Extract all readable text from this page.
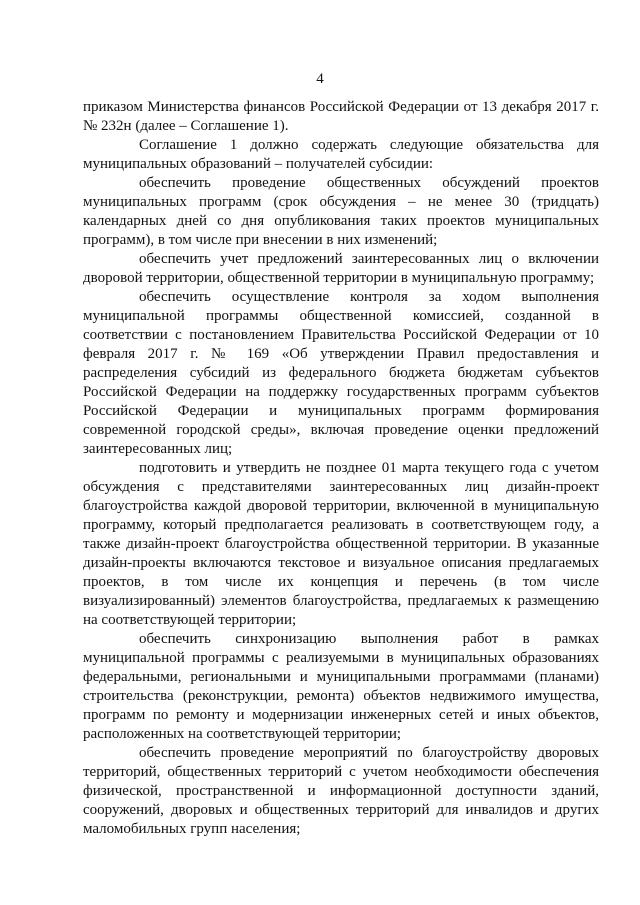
4

приказом Министерства финансов Российской Федерации от 13 декабря 2017 г. № 232н (далее – Соглашение 1).

Соглашение 1 должно содержать следующие обязательства для муниципальных образований – получателей субсидии:

обеспечить проведение общественных обсуждений проектов муниципальных программ (срок обсуждения – не менее 30 (тридцать) календарных дней со дня опубликования таких проектов муниципальных программ), в том числе при внесении в них изменений;

обеспечить учет предложений заинтересованных лиц о включении дворовой территории, общественной территории в муниципальную программу;

обеспечить осуществление контроля за ходом выполнения муниципальной программы общественной комиссией, созданной в соответствии с постановлением Правительства Российской Федерации от 10 февраля 2017 г. № 169 «Об утверждении Правил предоставления и распределения субсидий из федерального бюджета бюджетам субъектов Российской Федерации на поддержку государственных программ субъектов Российской Федерации и муниципальных программ формирования современной городской среды», включая проведение оценки предложений заинтересованных лиц;

подготовить и утвердить не позднее 01 марта текущего года с учетом обсуждения с представителями заинтересованных лиц дизайн-проект благоустройства каждой дворовой территории, включенной в муниципальную программу, который предполагается реализовать в соответствующем году, а также дизайн-проект благоустройства общественной территории. В указанные дизайн-проекты включаются текстовое и визуальное описания предлагаемых проектов, в том числе их концепция и перечень (в том числе визуализированный) элементов благоустройства, предлагаемых к размещению на соответствующей территории;

обеспечить синхронизацию выполнения работ в рамках муниципальной программы с реализуемыми в муниципальных образованиях федеральными, региональными и муниципальными программами (планами) строительства (реконструкции, ремонта) объектов недвижимого имущества, программ по ремонту и модернизации инженерных сетей и иных объектов, расположенных на соответствующей территории;

обеспечить проведение мероприятий по благоустройству дворовых территорий, общественных территорий с учетом необходимости обеспечения физической, пространственной и информационной доступности зданий, сооружений, дворовых и общественных территорий для инвалидов и других маломобильных групп населения;
